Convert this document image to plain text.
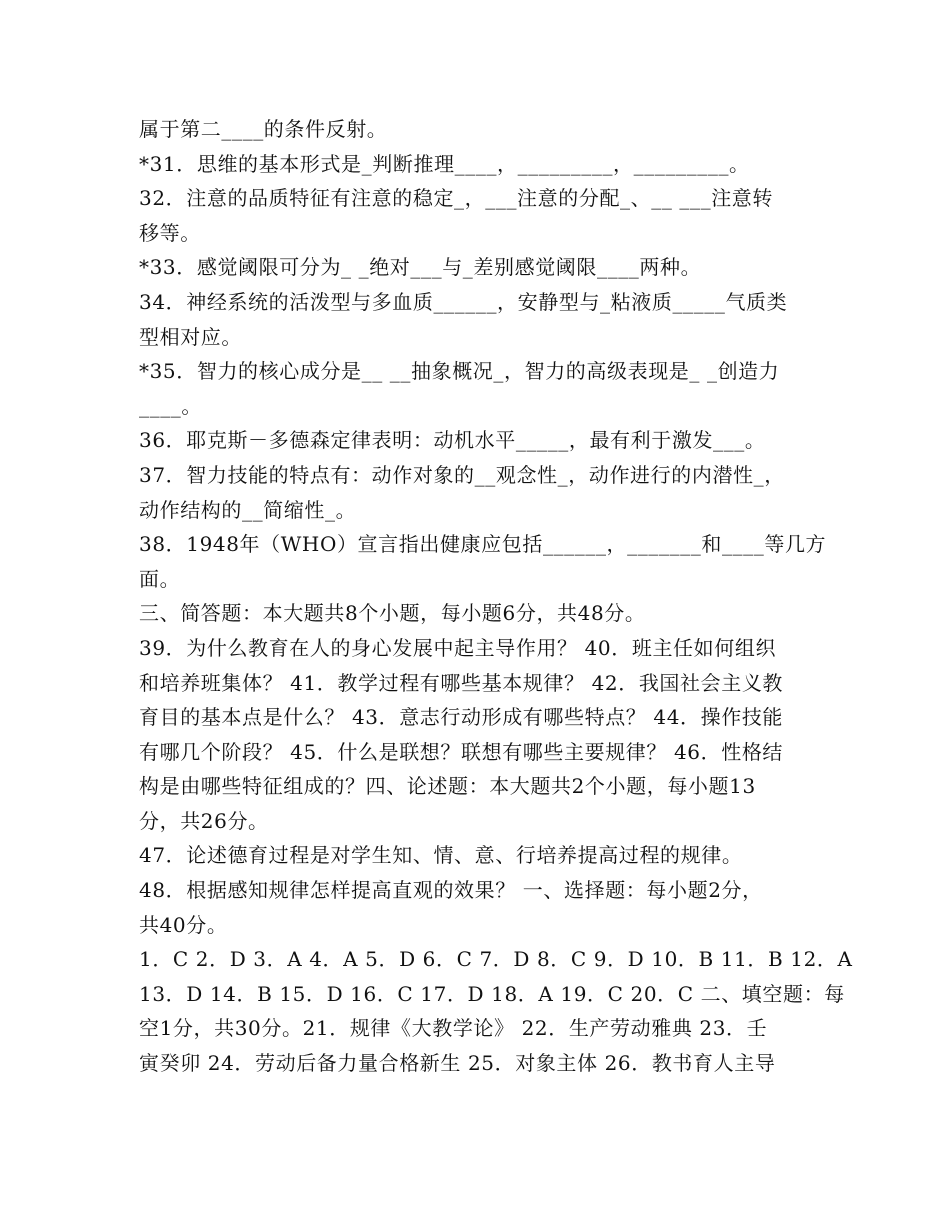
属于第二____的条件反射。
*31．思维的基本形式是_判断推理____，_________，_________。
32．注意的品质特征有注意的稳定_，___注意的分配_、__ ___注意转
移等。
*33．感觉阈限可分为_ _绝对___与_差别感觉阈限____两种。
34．神经系统的活泼型与多血质______，安静型与_粘液质_____气质类
型相对应。
*35．智力的核心成分是__ __抽象概况_，智力的高级表现是_ _创造力
____。
36．耶克斯－多德森定律表明：动机水平_____，最有利于激发___。
37．智力技能的特点有：动作对象的__观念性_，动作进行的内潜性_，
动作结构的__简缩性_。
38．1948年（WHO）宣言指出健康应包括______，_______和____等几方
面。
三、简答题：本大题共8个小题，每小题6分，共48分。
39．为什么教育在人的身心发展中起主导作用？ 40．班主任如何组织
和培养班集体？ 41．教学过程有哪些基本规律？ 42．我国社会主义教
育目的基本点是什么？ 43．意志行动形成有哪些特点？ 44．操作技能
有哪几个阶段？ 45．什么是联想？联想有哪些主要规律？ 46．性格结
构是由哪些特征组成的？四、论述题：本大题共2个小题，每小题13
分，共26分。
47．论述德育过程是对学生知、情、意、行培养提高过程的规律。
48．根据感知规律怎样提高直观的效果？ 一、选择题：每小题2分，
共40分。
1．C 2．D 3．A 4．A 5．D 6．C 7．D 8．C 9．D 10．B 11．B 12．A
13．D 14．B 15．D 16．C 17．D 18．A 19．C 20．C 二、填空题：每
空1分，共30分。21．规律《大教学论》 22．生产劳动雅典 23．壬
寅癸卯 24．劳动后备力量合格新生 25．对象主体 26．教书育人主导
